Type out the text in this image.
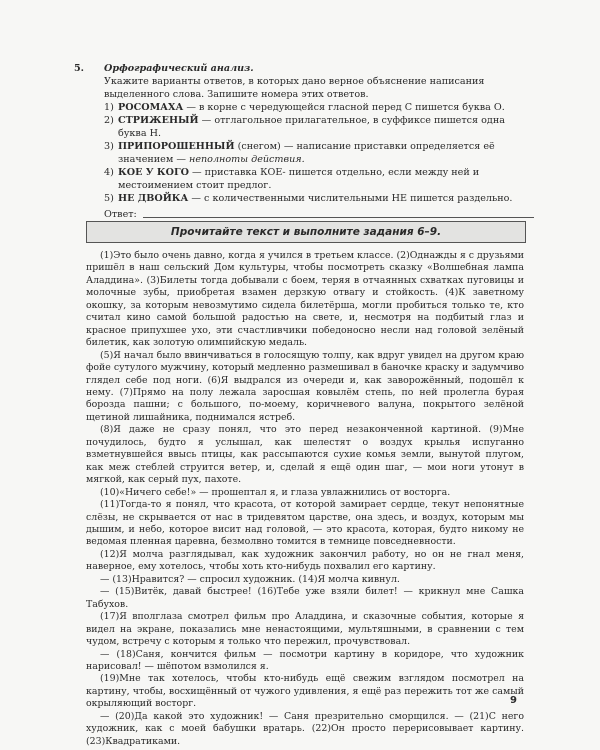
5.	Орфографический анализ.
Укажите варианты ответов, в которых дано верное объяснение написания выделенного слова. Запишите номера этих ответов.
1) РОСОМАХА — в корне с чередующейся гласной перед С пишется буква О.
2) СТРИЖЕНЫЙ — отглагольное прилагательное, в суффиксе пишется одна буква Н.
3) ПРИПОРОШЕННЫЙ (снегом) — написание приставки определяется её значением — неполноты действия.
4) КОЕ У КОГО — приставка КОЕ- пишется отдельно, если между ней и местоимением стоит предлог.
5) НЕ ДВОЙКА — с количественными числительными НЕ пишется раздельно.
Ответ:
Прочитайте текст и выполните задания 6–9.

(1)Это было очень давно, когда я учился в третьем классе. (2)Однажды я с друзьями пришёл в наш сельский Дом культуры, чтобы посмотреть сказку «Волшебная лампа Аладдина». (3)Билеты тогда добывали с боем, теряя в отчаянных схватках пуговицы и молочные зубы, приобретая взамен дерзкую отвагу и стойкость. (4)К заветному окошку, за которым невозмутимо сидела билетёрша, могли пробиться только те, кто считал кино самой большой радостью на свете, и, несмотря на подбитый глаз и красное припухшее ухо, эти счастливчики победоносно несли над головой зелёный билетик, как золотую олимпийскую медаль.

(5)Я начал было ввинчиваться в голосящую толпу, как вдруг увидел на другом краю фойе сутулого мужчину, который медленно размешивал в баночке краску и задумчиво глядел себе под ноги. (6)Я выдрался из очереди и, как заворожённый, подошёл к нему. (7)Прямо на полу лежала заросшая ковылём степь, по ней пролегла бурая борозда пашни; с большого, по-моему, коричневого валуна, покрытого зелёной щетиной лишайника, поднимался ястреб.

(8)Я даже не сразу понял, что это перед незаконченной картиной. (9)Мне почудилось, будто я услышал, как шелестят о воздух крылья испуганно взметнувшейся ввысь птицы, как рассыпаются сухие комья земли, вынутой плугом, как меж стеблей струится ветер, и, сделай я ещё один шаг, — мои ноги утонут в мягкой, как серый пух, пахоте.

(10)«Ничего себе!» — прошептал я, и глаза увлажнились от восторга.

(11)Тогда-то я понял, что красота, от которой замирает сердце, текут непонятные слёзы, не скрывается от нас в тридевятом царстве, она здесь, и воздух, которым мы дышим, и небо, которое висит над головой, — это красота, которая, будто никому не ведомая пленная царевна, безмолвно томится в темнице повседневности.

(12)Я молча разглядывал, как художник закончил работу, но он не гнал меня, наверное, ему хотелось, чтобы хоть кто-нибудь похвалил его картину.

— (13)Нравится? — спросил художник. (14)Я молча кивнул.

— (15)Витёк, давай быстрее! (16)Тебе уже взяли билет! — крикнул мне Сашка Табухов.

(17)Я вполглаза смотрел фильм про Аладдина, и сказочные события, которые я видел на экране, показались мне ненастоящими, мультяшными, в сравнении с тем чудом, встречу с которым я только что пережил, прочувствовал.

— (18)Саня, кончится фильм — посмотри картину в коридоре, что художник нарисовал! — шёпотом взмолился я.

(19)Мне так хотелось, чтобы кто-нибудь ещё свежим взглядом посмотрел на картину, чтобы, восхищённый от чужого удивления, я ещё раз пережить тот же самый окрыляющий восторг.

— (20)Да какой это художник! — Саня презрительно сморщился. — (21)С него художник, как с моей бабушки вратарь. (22)Он просто перерисовывает картину. (23)Квадратиками.

9
